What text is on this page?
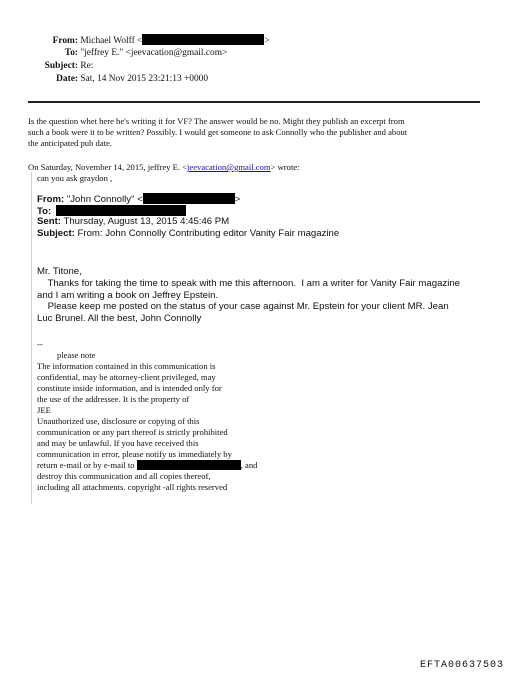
From: Michael Wolff <	>
To: "jeffrey E." <jeevacation@gmail.com>
Subject: Re:
Date: Sat, 14 Nov 2015 23:21:13 +0000
Is the question whet here he's writing it for VF? The answer would be no. Might they publish an excerpt from
such a book were it to be written? Possibly. I would get someone to ask Connolly who the publisher and about
the anticipated pub date.
On Saturday, November 14, 2015, jeffrey E. <jeevacation@gmail.com> wrote:
can you ask graydon ,
From: "John Connolly" <	>
To:
Sent: Thursday, August 13, 2015 4:45:46 PM
Subject: From: John Connolly Contributing editor Vanity Fair magazine
Mr. Titone,
Thanks for taking the time to speak with me this afternoon.  I am a writer for Vanity Fair magazine
and I am writing a book on Jeffrey Epstein.
Please keep me posted on the status of your case against Mr. Epstein for your client MR. Jean
Luc Brunel. All the best, John Connolly
--
please note
The information contained in this communication is
confidential, may be attorney-client privileged, may
constitute inside information, and is intended only for
the use of the addressee. It is the property of
JEE
Unauthorized use, disclosure or copying of this
communication or any part thereof is strictly prohibited
and may be unlawful. If you have received this
communication in error, please notify us immediately by
return e-mail or by e-mail to	, and
destroy this communication and all copies thereof,
including all attachments. copyright -all rights reserved
EFTA00637503
